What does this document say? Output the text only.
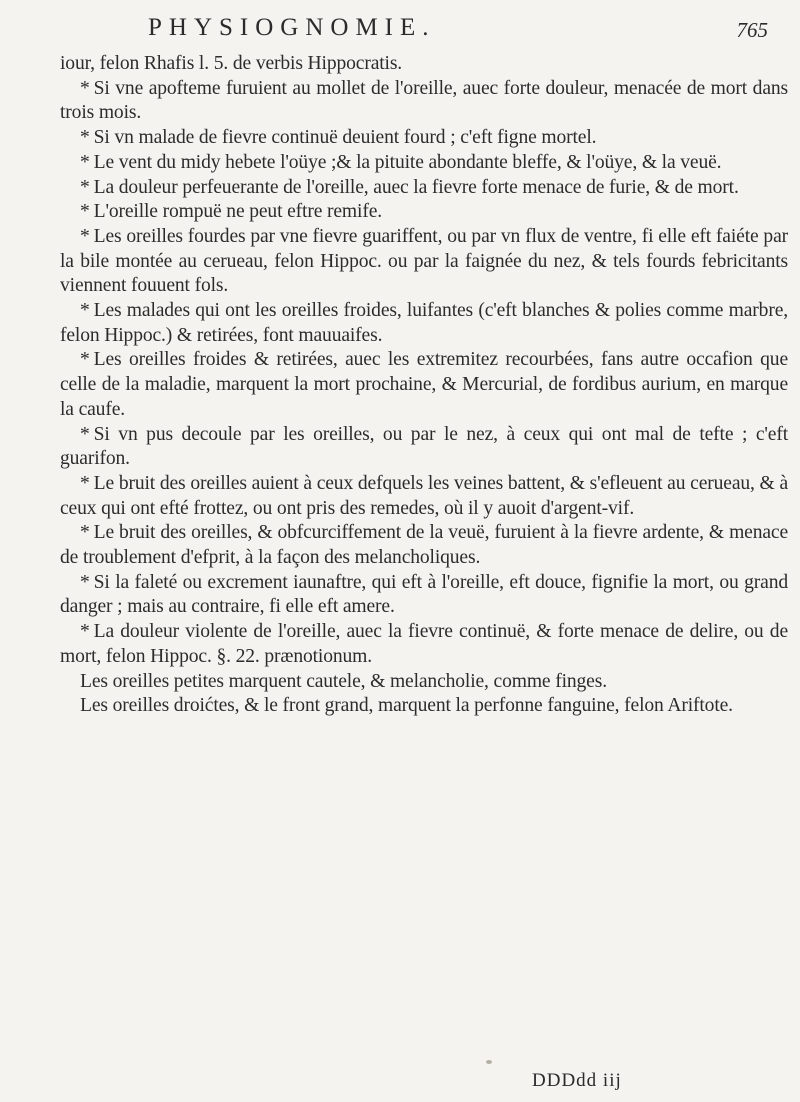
PHYSIOGNOMIE.	765

iour, felon Rhafis l. 5. de verbis Hippocratis.

* Si vne apofteme furuient au mollet de l'oreille, auec forte douleur, menacée de mort dans trois mois.

* Si vn malade de fievre continuë deuient fourd ; c'eft figne mortel.

* Le vent du midy hebete l'oüye ;& la pituite abondante bleffe, & l'oüye, & la veuë.

* La douleur perfeuerante de l'oreille, auec la fievre forte menace de furie, & de mort.

* L'oreille rompuë ne peut eftre remife.

* Les oreilles fourdes par vne fievre guariffent, ou par vn flux de ventre, fi elle eft faiéte par la bile montée au cerueau, felon Hippoc. ou par la faignée du nez, & tels fourds febricitants viennent fouuent fols.

* Les malades qui ont les oreilles froides, luifantes (c'eft blanches & polies comme marbre, felon Hippoc.) & retirées, font mauuaifes.

* Les oreilles froides & retirées, auec les extremitez recourbées, fans autre occafion que celle de la maladie, marquent la mort prochaine, & Mercurial, de fordibus aurium, en marque la caufe.

* Si vn pus decoule par les oreilles, ou par le nez, à ceux qui ont mal de tefte ; c'eft guarifon.

* Le bruit des oreilles auient à ceux defquels les veines battent, & s'efleuent au cerueau, & à ceux qui ont efté frottez, ou ont pris des remedes, où il y auoit d'argent-vif.

* Le bruit des oreilles, & obfcurciffement de la veuë, furuient à la fievre ardente, & menace de troublement d'efprit, à la façon des melancholiques.

* Si la faleté ou excrement iaunaftre, qui eft à l'oreille, eft douce, fignifie la mort, ou grand danger ; mais au contraire, fi elle eft amere.

* La douleur violente de l'oreille, auec la fievre continuë, & forte menace de delire, ou de mort, felon Hippoc. §. 22. prænotionum.

Les oreilles petites marquent cautele, & melancholie, comme finges.

Les oreilles droićtes, & le front grand, marquent la perfonne fanguine, felon Ariftote.

DDDdd iij
